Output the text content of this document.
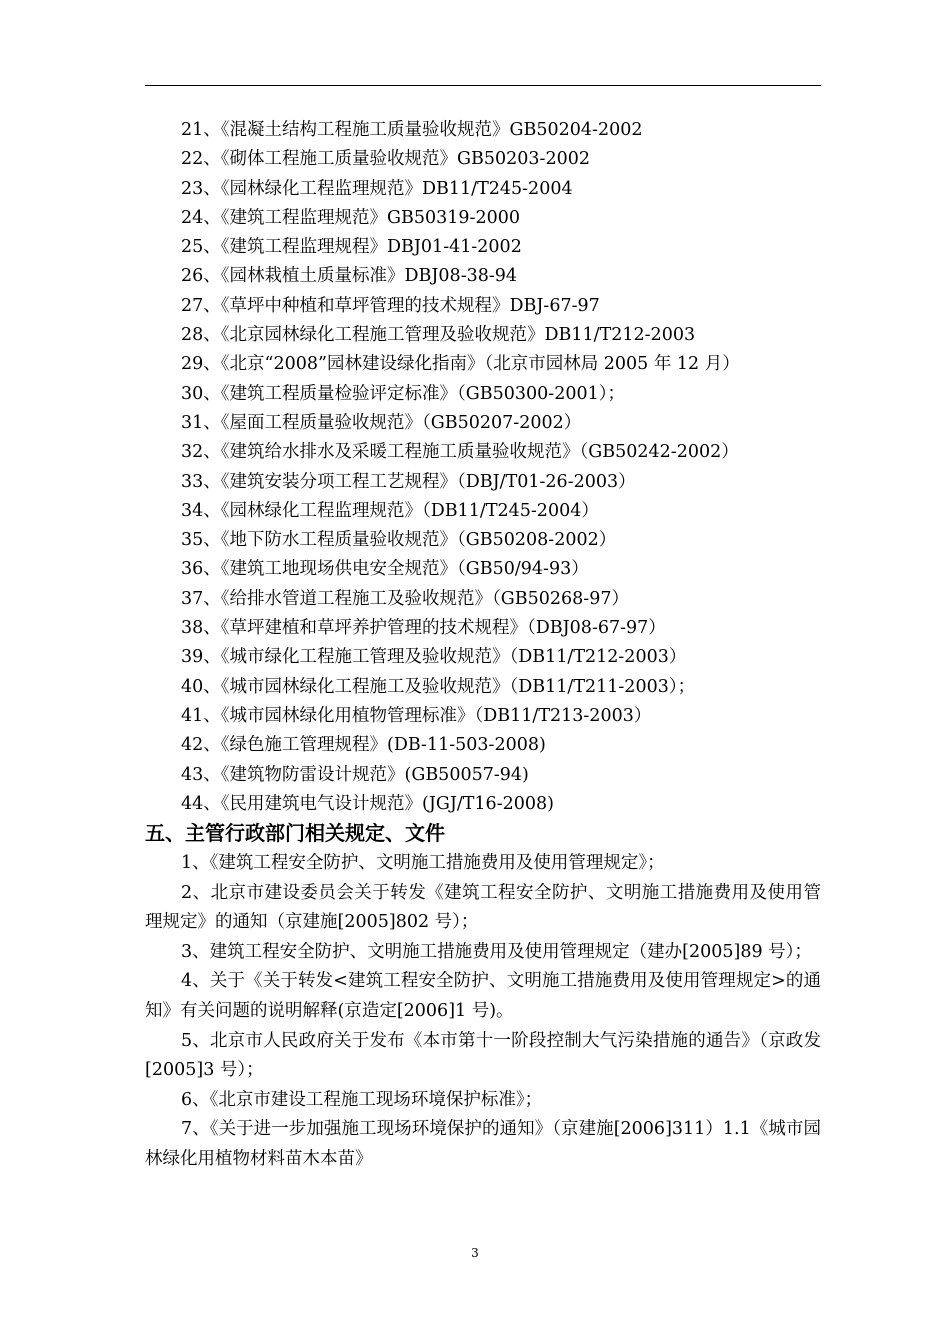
21、《混凝土结构工程施工质量验收规范》GB50204-2002
22、《砌体工程施工质量验收规范》GB50203-2002
23、《园林绿化工程监理规范》DB11/T245-2004
24、《建筑工程监理规范》GB50319-2000
25、《建筑工程监理规程》DBJ01-41-2002
26、《园林栽植土质量标准》DBJ08-38-94
27、《草坪中种植和草坪管理的技术规程》DBJ-67-97
28、《北京园林绿化工程施工管理及验收规范》DB11/T212-2003
29、《北京“2008”园林建设绿化指南》（北京市园林局 2005 年 12 月）
30、《建筑工程质量检验评定标准》（GB50300-2001）；
31、《屋面工程质量验收规范》（GB50207-2002）
32、《建筑给水排水及采暖工程施工质量验收规范》（GB50242-2002）
33、《建筑安装分项工程工艺规程》（DBJ/T01-26-2003）
34、《园林绿化工程监理规范》（DB11/T245-2004）
35、《地下防水工程质量验收规范》（GB50208-2002）
36、《建筑工地现场供电安全规范》（GB50/94-93）
37、《给排水管道工程施工及验收规范》（GB50268-97）
38、《草坪建植和草坪养护管理的技术规程》（DBJ08-67-97）
39、《城市绿化工程施工管理及验收规范》（DB11/T212-2003）
40、《城市园林绿化工程施工及验收规范》（DB11/T211-2003）；
41、《城市园林绿化用植物管理标准》（DB11/T213-2003）
42、《绿色施工管理规程》(DB-11-503-2008)
43、《建筑物防雷设计规范》(GB50057-94)
44、《民用建筑电气设计规范》(JGJ/T16-2008)
五、主管行政部门相关规定、文件

1、《建筑工程安全防护、文明施工措施费用及使用管理规定》；

2、北京市建设委员会关于转发《建筑工程安全防护、文明施工措施费用及使用管理规定》的通知（京建施[2005]802 号）；

3、建筑工程安全防护、文明施工措施费用及使用管理规定（建办[2005]89 号）；

4、关于《关于转发<建筑工程安全防护、文明施工措施费用及使用管理规定>的通知》有关问题的说明解释(京造定[2006]1 号)。

5、北京市人民政府关于发布《本市第十一阶段控制大气污染措施的通告》（京政发[2005]3 号）；

6、《北京市建设工程施工现场环境保护标准》；

7、《关于进一步加强施工现场环境保护的通知》（京建施[2006]311）1.1《城市园林绿化用植物材料苗木本苗》

3
